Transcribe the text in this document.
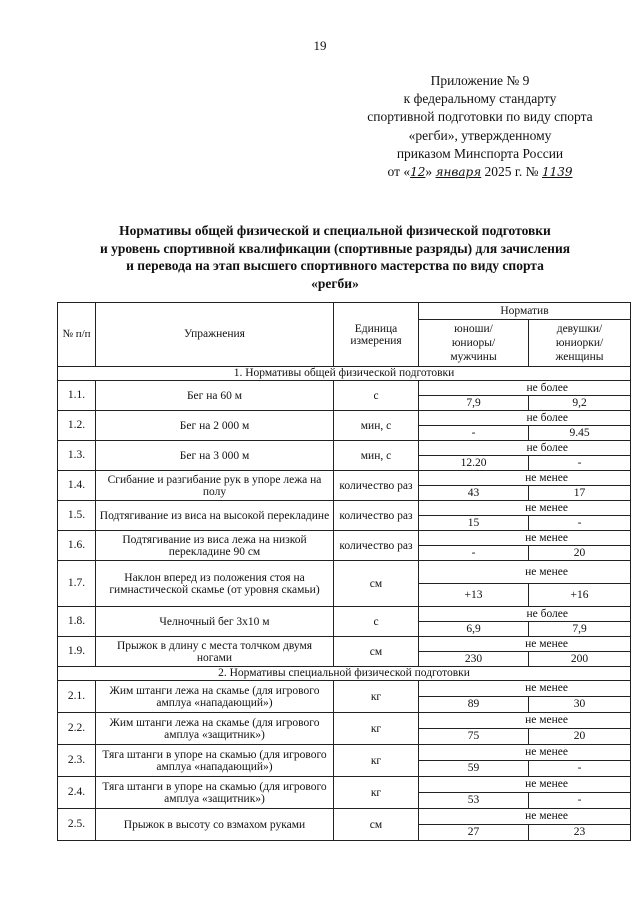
19
Приложение № 9
к федеральному стандарту
спортивной подготовки по виду спорта
«регби», утвержденному
приказом Минспорта России
от «12» января 2025 г. № 1139
Нормативы общей физической и специальной физической подготовки
и уровень спортивной квалификации (спортивные разряды) для зачисления
и перевода на этап высшего спортивного мастерства по виду спорта
«регби»
№ п/п	Упражнения	Единица измерения	Норматив	
			юноши/ юниоры/ мужчины	девушки/ юниорки/ женщины
1. Нормативы общей физической подготовки				
1.1.	Бег на 60 м	с	не более	
			7,9	9,2
1.2.	Бег на 2 000 м	мин, с	не более	
			-	9.45
1.3.	Бег на 3 000 м	мин, с	не более	
			12.20	-
1.4.	Сгибание и разгибание рук в упоре лежа на полу	количество раз	не менее	
			43	17
1.5.	Подтягивание из виса на высокой перекладине	количество раз	не менее	
			15	-
1.6.	Подтягивание из виса лежа на низкой перекладине 90 см	количество раз	не менее	
			-	20
1.7.	Наклон вперед из положения стоя на гимнастической скамье (от уровня скамьи)	см	не менее	
			+13	+16
1.8.	Челночный бег 3х10 м	с	не более	
			6,9	7,9
1.9.	Прыжок в длину с места толчком двумя ногами	см	не менее	
			230	200
2. Нормативы специальной физической подготовки				
2.1.	Жим штанги лежа на скамье (для игрового амплуа «нападающий»)	кг	не менее	
			89	30
2.2.	Жим штанги лежа на скамье (для игрового амплуа «защитник»)	кг	не менее	
			75	20
2.3.	Тяга штанги в упоре на скамью (для игрового амплуа «нападающий»)	кг	не менее	
			59	-
2.4.	Тяга штанги в упоре на скамью (для игрового амплуа «защитник»)	кг	не менее	
			53	-
2.5.	Прыжок в высоту со взмахом руками	см	не менее	
			27	23
